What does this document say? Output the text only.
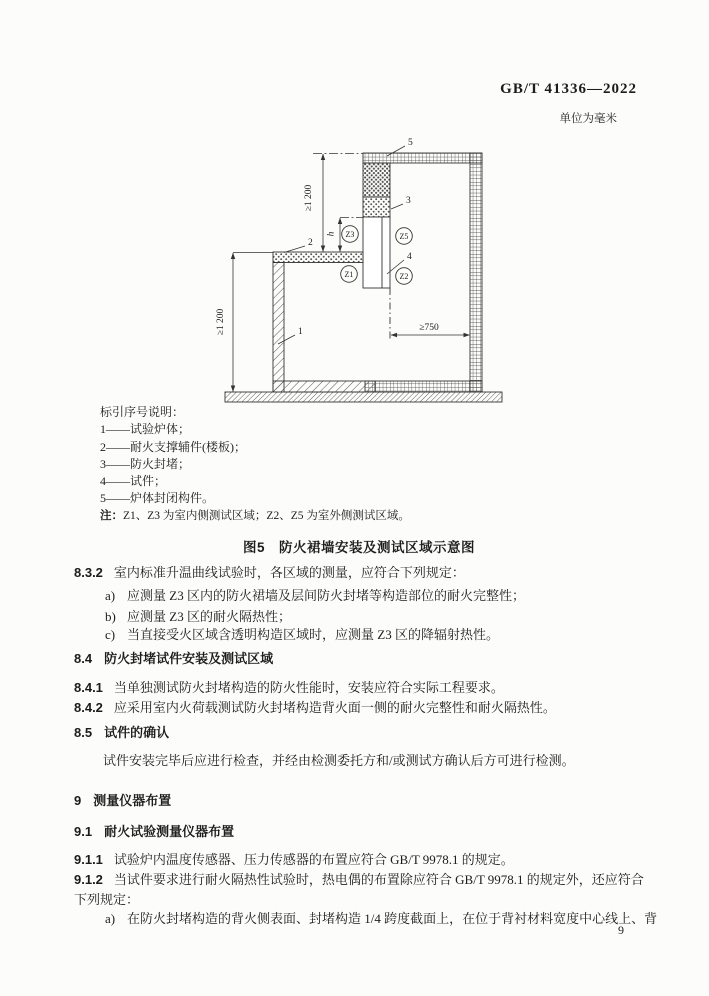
GB/T 41336—2022
单位为毫米
≥1 200
≥1 200
h
≥750
Z3	Z5
Z1	Z2
5
3
2
4
1
标引序号说明：
1——试验炉体；
2——耐火支撑辅件(楼板)；
3——防火封堵；
4——试件；
5——炉体封闭构件。
注：Z1、Z3 为室内侧测试区域；Z2、Z5 为室外侧测试区域。
图5　防火裙墙安装及测试区域示意图
8.3.2 室内标准升温曲线试验时，各区域的测量，应符合下列规定：
a) 应测量 Z3 区内的防火裙墙及层间防火封堵等构造部位的耐火完整性；
b) 应测量 Z3 区的耐火隔热性；
c) 当直接受火区域含透明构造区域时，应测量 Z3 区的降辐射热性。
8.4 防火封堵试件安装及测试区域
8.4.1 当单独测试防火封堵构造的防火性能时，安装应符合实际工程要求。
8.4.2 应采用室内火荷载测试防火封堵构造背火面一侧的耐火完整性和耐火隔热性。
8.5 试件的确认
试件安装完毕后应进行检查，并经由检测委托方和/或测试方确认后方可进行检测。
9 测量仪器布置
9.1 耐火试验测量仪器布置
9.1.1 试验炉内温度传感器、压力传感器的布置应符合 GB/T 9978.1 的规定。
9.1.2 当试件要求进行耐火隔热性试验时，热电偶的布置除应符合 GB/T 9978.1 的规定外，还应符合
下列规定：
a) 在防火封堵构造的背火侧表面、封堵构造 1/4 跨度截面上，在位于背衬材料宽度中心线上、背
9
